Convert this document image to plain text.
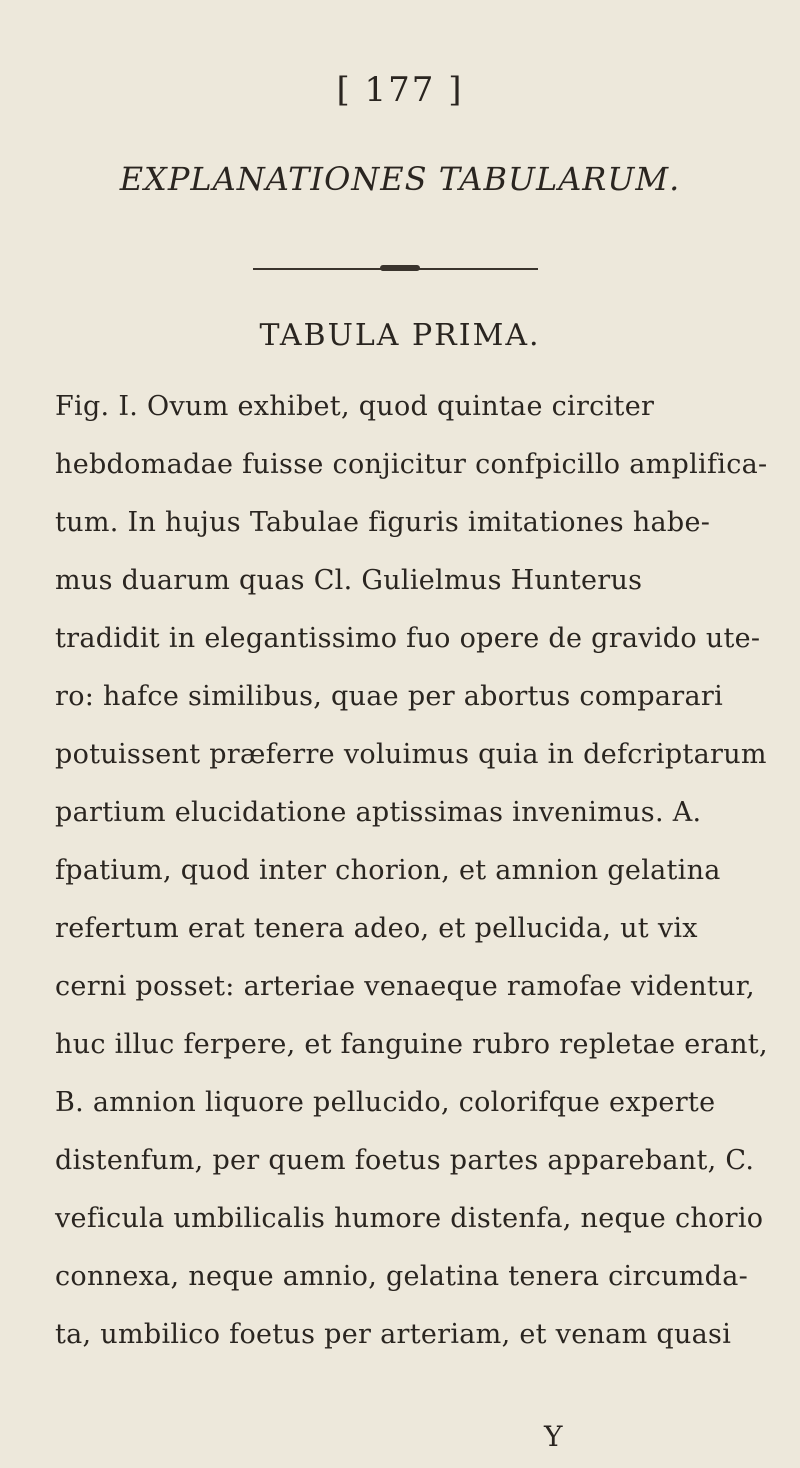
[ 177 ]
EXPLANATIONES TABULARUM.
TABULA PRIMA.
Fig. I. Ovum exhibet, quod quintae circiter
hebdomadae fuisse conjicitur confpicillo amplifica-
tum. In hujus Tabulae figuris imitationes habe-
mus duarum quas Cl. Gulielmus Hunterus
tradidit in elegantissimo fuo opere de gravido ute-
ro: hafce similibus, quae per abortus comparari
potuissent præferre voluimus quia in defcriptarum
partium elucidatione aptissimas invenimus. A.
fpatium, quod inter chorion, et amnion gelatina
refertum erat tenera adeo, et pellucida, ut vix
cerni posset: arteriae venaeque ramofae videntur,
huc illuc ferpere, et fanguine rubro repletae erant,
B. amnion liquore pellucido, colorifque experte
distenfum, per quem foetus partes apparebant, C.
veficula umbilicalis humore distenfa, neque chorio
connexa, neque amnio, gelatina tenera circumda-
ta, umbilico foetus per arteriam, et venam quasi
Y
